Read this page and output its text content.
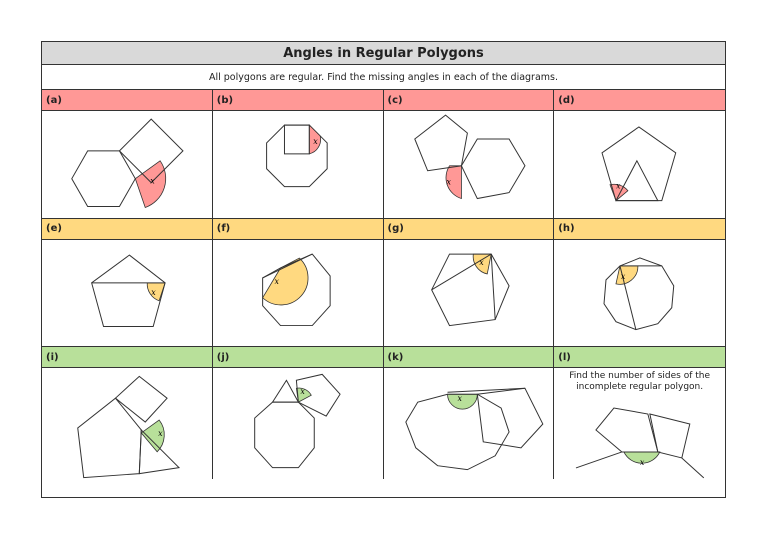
Angles in Regular Polygons
All polygons are regular. Find the missing angles in each of the diagrams.
(a)
x
(b)
x
(c)
x
(d)
x
(e)
x
(f)
x
(g)
x
(h)
x
(i)
x
(j)
x
(k)
x
(l)
Find the number of sides of the incomplete regular polygon.
x
